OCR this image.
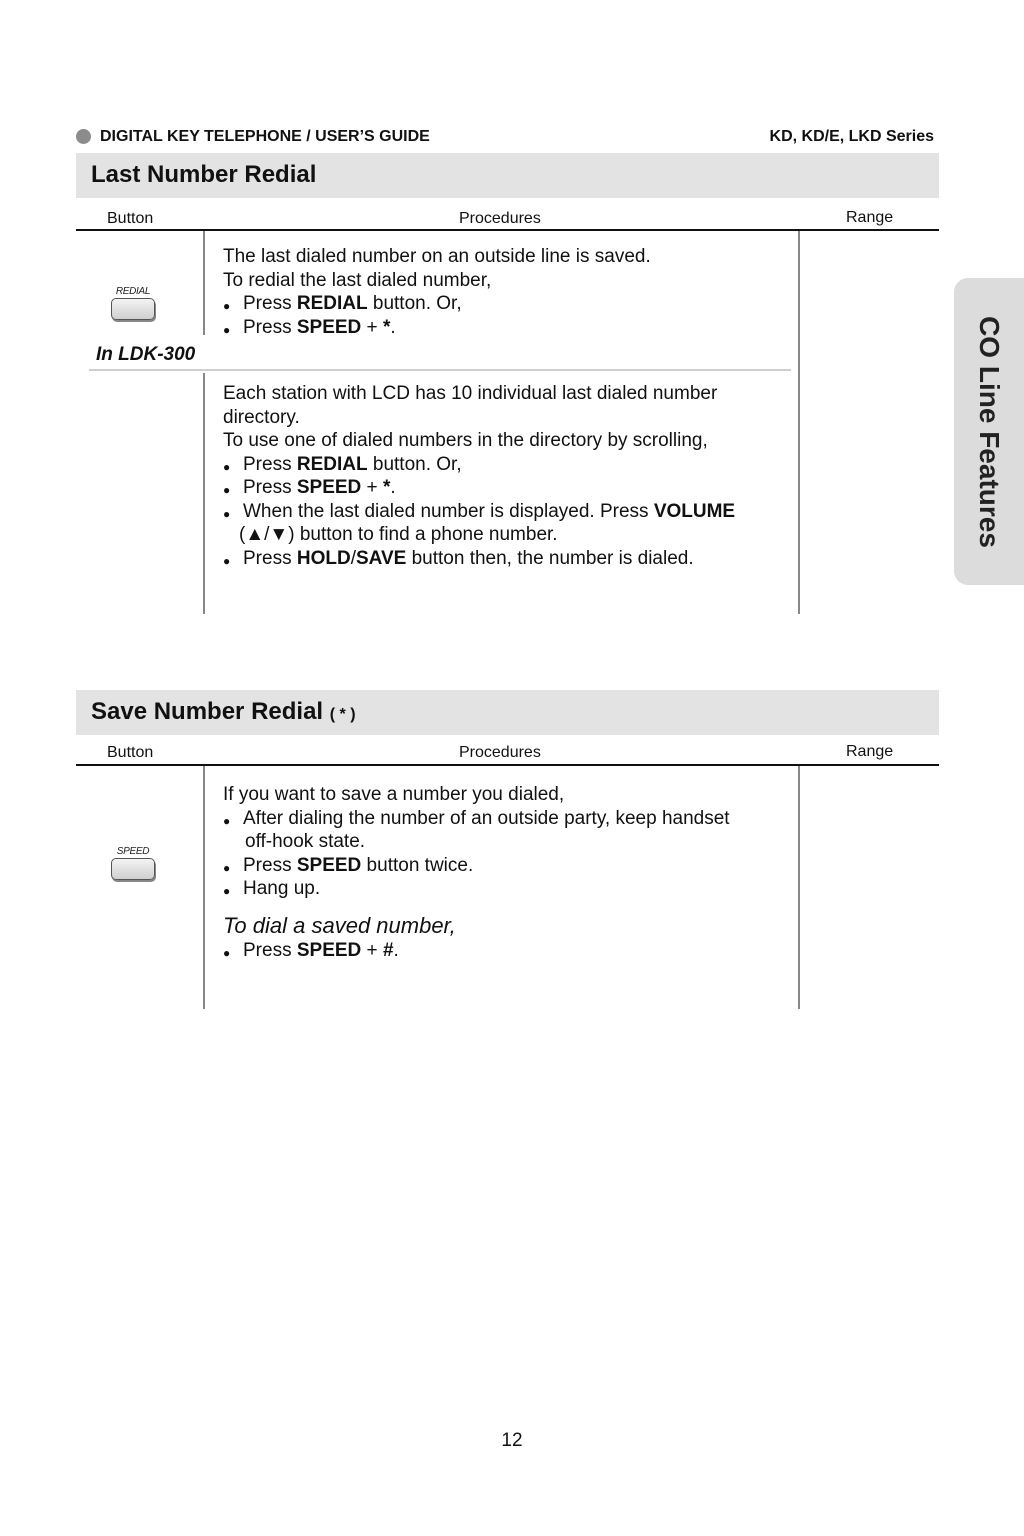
DIGITAL KEY TELEPHONE / USER’S GUIDE	KD, KD/E, LKD Series
CO Line Features
Last Number Redial
Button	Procedures	Range
REDIAL

The last dialed number on an outside line is saved.

To redial the last dialed number,

● Press REDIAL button. Or,

● Press SPEED + *.

In LDK-300

Each station with LCD has 10 individual last dialed number

directory.

To use one of dialed numbers in the directory by scrolling,

● Press REDIAL button. Or,

● Press SPEED + *.

● When the last dialed number is displayed. Press VOLUME

(▲/▼) button to find a phone number.

● Press HOLD/SAVE button then, the number is dialed.

Save Number Redial ( * )
Button	Procedures	Range
SPEED

If you want to save a number you dialed,

● After dialing the number of an outside party, keep handset

off-hook state.

● Press SPEED button twice.

● Hang up.

To dial a saved number,

● Press SPEED + #.

12
